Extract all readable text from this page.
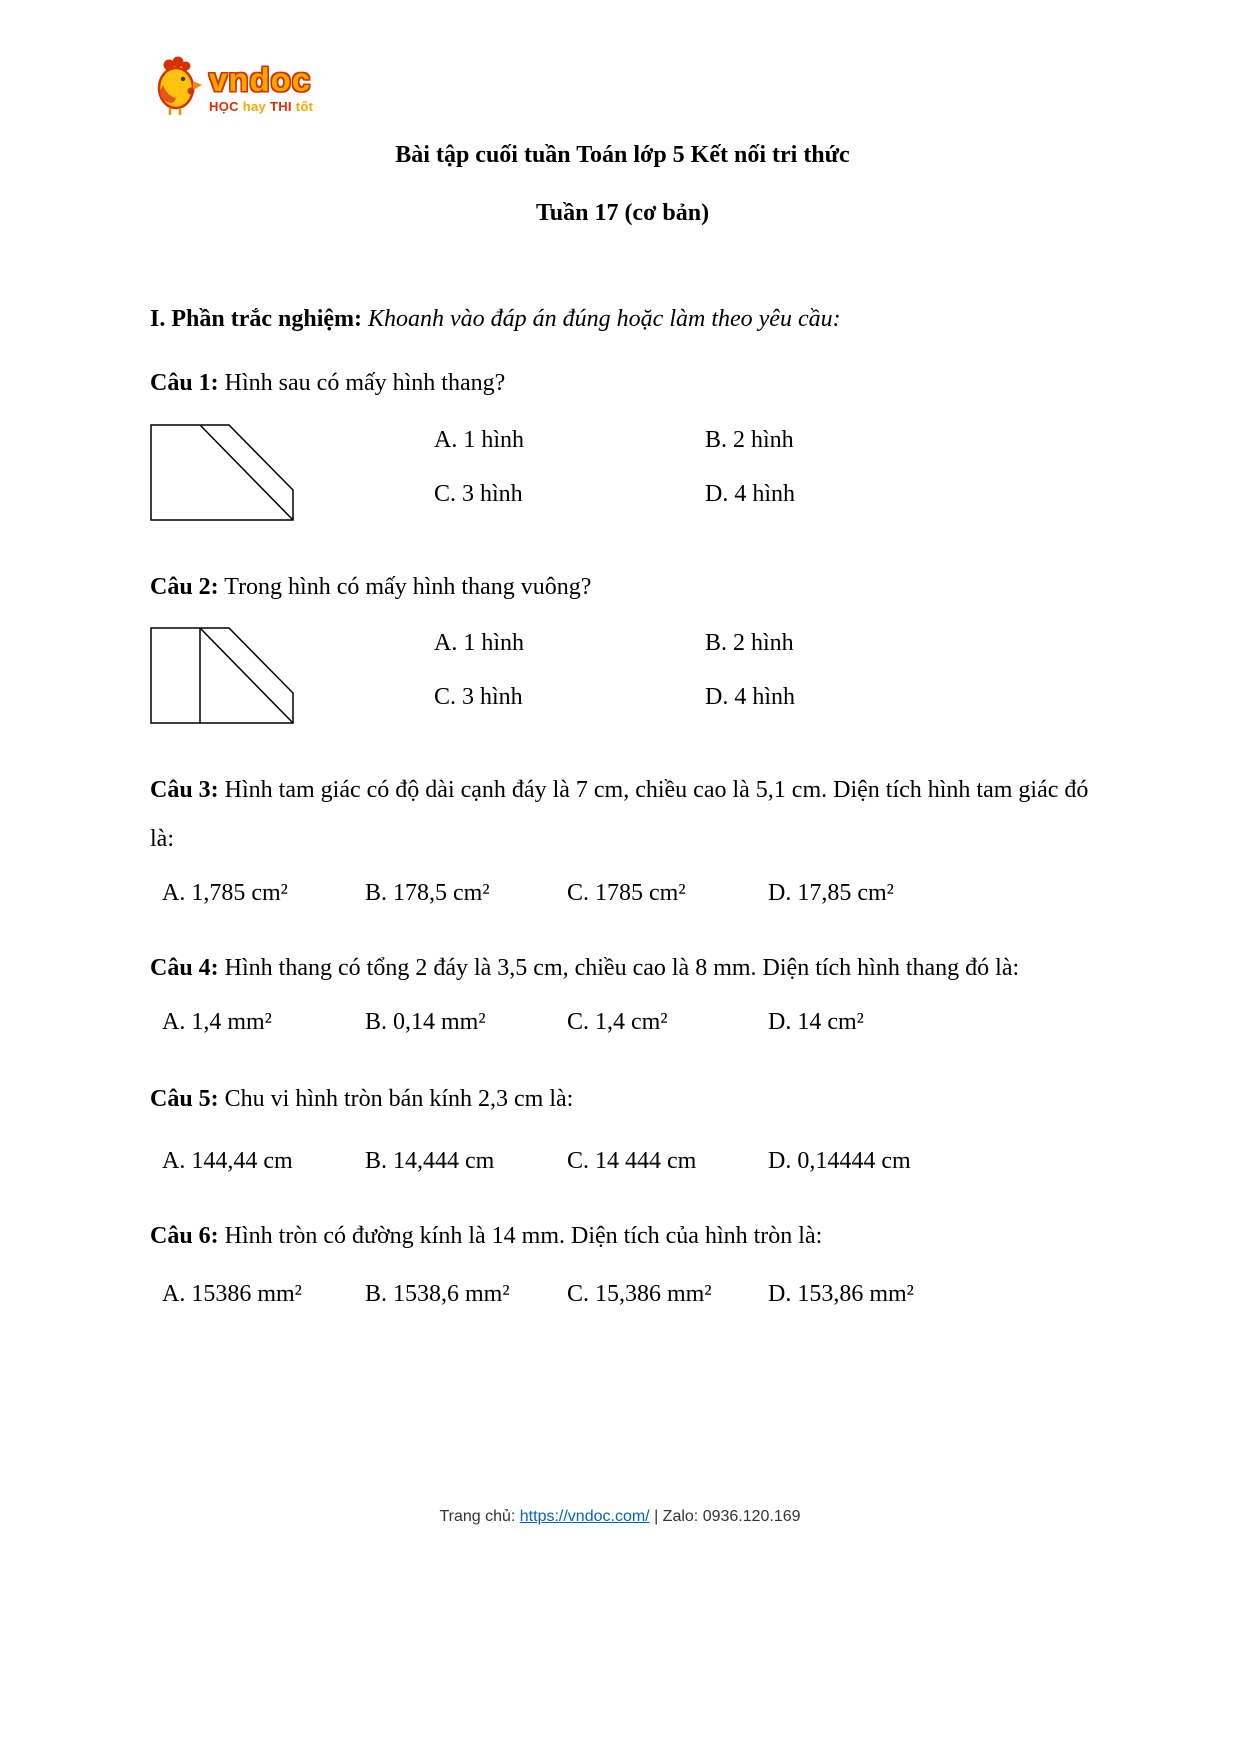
vndoc
HỌC hay THI tốt
Bài tập cuối tuần Toán lớp 5 Kết nối tri thức
Tuần 17 (cơ bản)
I. Phần trắc nghiệm: Khoanh vào đáp án đúng hoặc làm theo yêu cầu:

Câu 1: Hình sau có mấy hình thang?

A. 1 hình	B. 2 hình
C. 3 hình	D. 4 hình

Câu 2: Trong hình có mấy hình thang vuông?

A. 1 hình	B. 2 hình
C. 3 hình	D. 4 hình

Câu 3: Hình tam giác có độ dài cạnh đáy là 7 cm, chiều cao là 5,1 cm. Diện tích hình tam giác đó là:

A. 1,785 cm²	B. 178,5 cm²	C. 1785 cm²	D. 17,85 cm²

Câu 4: Hình thang có tổng 2 đáy là 3,5 cm, chiều cao là 8 mm. Diện tích hình thang đó là:

A. 1,4 mm²	B. 0,14 mm²	C. 1,4 cm²	D. 14 cm²

Câu 5: Chu vi hình tròn bán kính 2,3 cm là:

A. 144,44 cm	B. 14,444 cm	C. 14 444 cm	D. 0,14444 cm

Câu 6: Hình tròn có đường kính là 14 mm. Diện tích của hình tròn là:

A. 15386 mm²	B. 1538,6 mm²	C. 15,386 mm²	D. 153,86 mm²
Trang chủ: https://vndoc.com/ | Zalo: 0936.120.169
